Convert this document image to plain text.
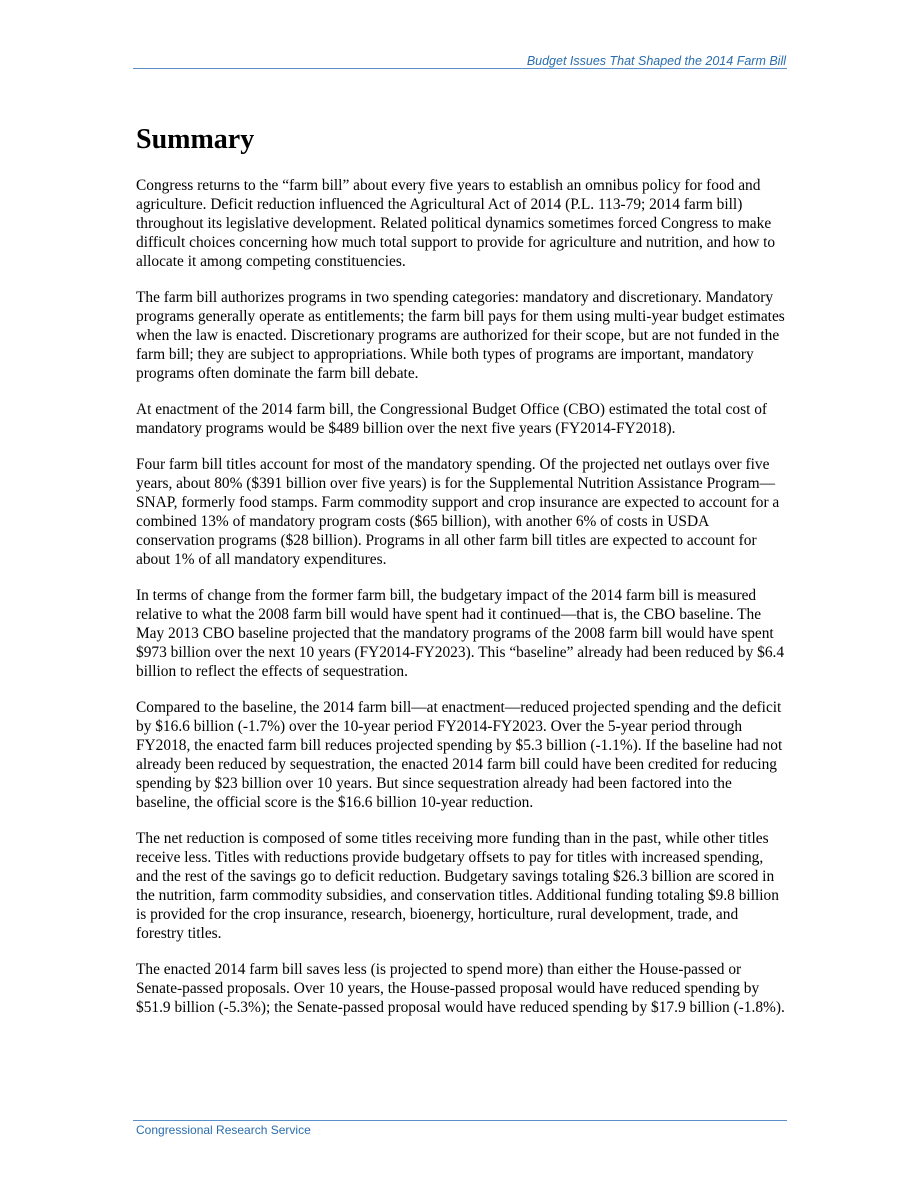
Budget Issues That Shaped the 2014 Farm Bill
Summary

Congress returns to the “farm bill” about every five years to establish an omnibus policy for food and agriculture. Deficit reduction influenced the Agricultural Act of 2014 (P.L. 113-79; 2014 farm bill) throughout its legislative development. Related political dynamics sometimes forced Congress to make difficult choices concerning how much total support to provide for agriculture and nutrition, and how to allocate it among competing constituencies.

The farm bill authorizes programs in two spending categories: mandatory and discretionary. Mandatory programs generally operate as entitlements; the farm bill pays for them using multi-year budget estimates when the law is enacted. Discretionary programs are authorized for their scope, but are not funded in the farm bill; they are subject to appropriations. While both types of programs are important, mandatory programs often dominate the farm bill debate.

At enactment of the 2014 farm bill, the Congressional Budget Office (CBO) estimated the total cost of mandatory programs would be $489 billion over the next five years (FY2014-FY2018).

Four farm bill titles account for most of the mandatory spending. Of the projected net outlays over five years, about 80% ($391 billion over five years) is for the Supplemental Nutrition Assistance Program—SNAP, formerly food stamps. Farm commodity support and crop insurance are expected to account for a combined 13% of mandatory program costs ($65 billion), with another 6% of costs in USDA conservation programs ($28 billion). Programs in all other farm bill titles are expected to account for about 1% of all mandatory expenditures.

In terms of change from the former farm bill, the budgetary impact of the 2014 farm bill is measured relative to what the 2008 farm bill would have spent had it continued—that is, the CBO baseline. The May 2013 CBO baseline projected that the mandatory programs of the 2008 farm bill would have spent $973 billion over the next 10 years (FY2014-FY2023). This “baseline” already had been reduced by $6.4 billion to reflect the effects of sequestration.

Compared to the baseline, the 2014 farm bill—at enactment—reduced projected spending and the deficit by $16.6 billion (-1.7%) over the 10-year period FY2014-FY2023. Over the 5-year period through FY2018, the enacted farm bill reduces projected spending by $5.3 billion (-1.1%). If the baseline had not already been reduced by sequestration, the enacted 2014 farm bill could have been credited for reducing spending by $23 billion over 10 years. But since sequestration already had been factored into the baseline, the official score is the $16.6 billion 10-year reduction.

The net reduction is composed of some titles receiving more funding than in the past, while other titles receive less. Titles with reductions provide budgetary offsets to pay for titles with increased spending, and the rest of the savings go to deficit reduction. Budgetary savings totaling $26.3 billion are scored in the nutrition, farm commodity subsidies, and conservation titles. Additional funding totaling $9.8 billion is provided for the crop insurance, research, bioenergy, horticulture, rural development, trade, and forestry titles.

The enacted 2014 farm bill saves less (is projected to spend more) than either the House-passed or Senate-passed proposals. Over 10 years, the House-passed proposal would have reduced spending by $51.9 billion (-5.3%); the Senate-passed proposal would have reduced spending by $17.9 billion (-1.8%).

Congressional Research Service
